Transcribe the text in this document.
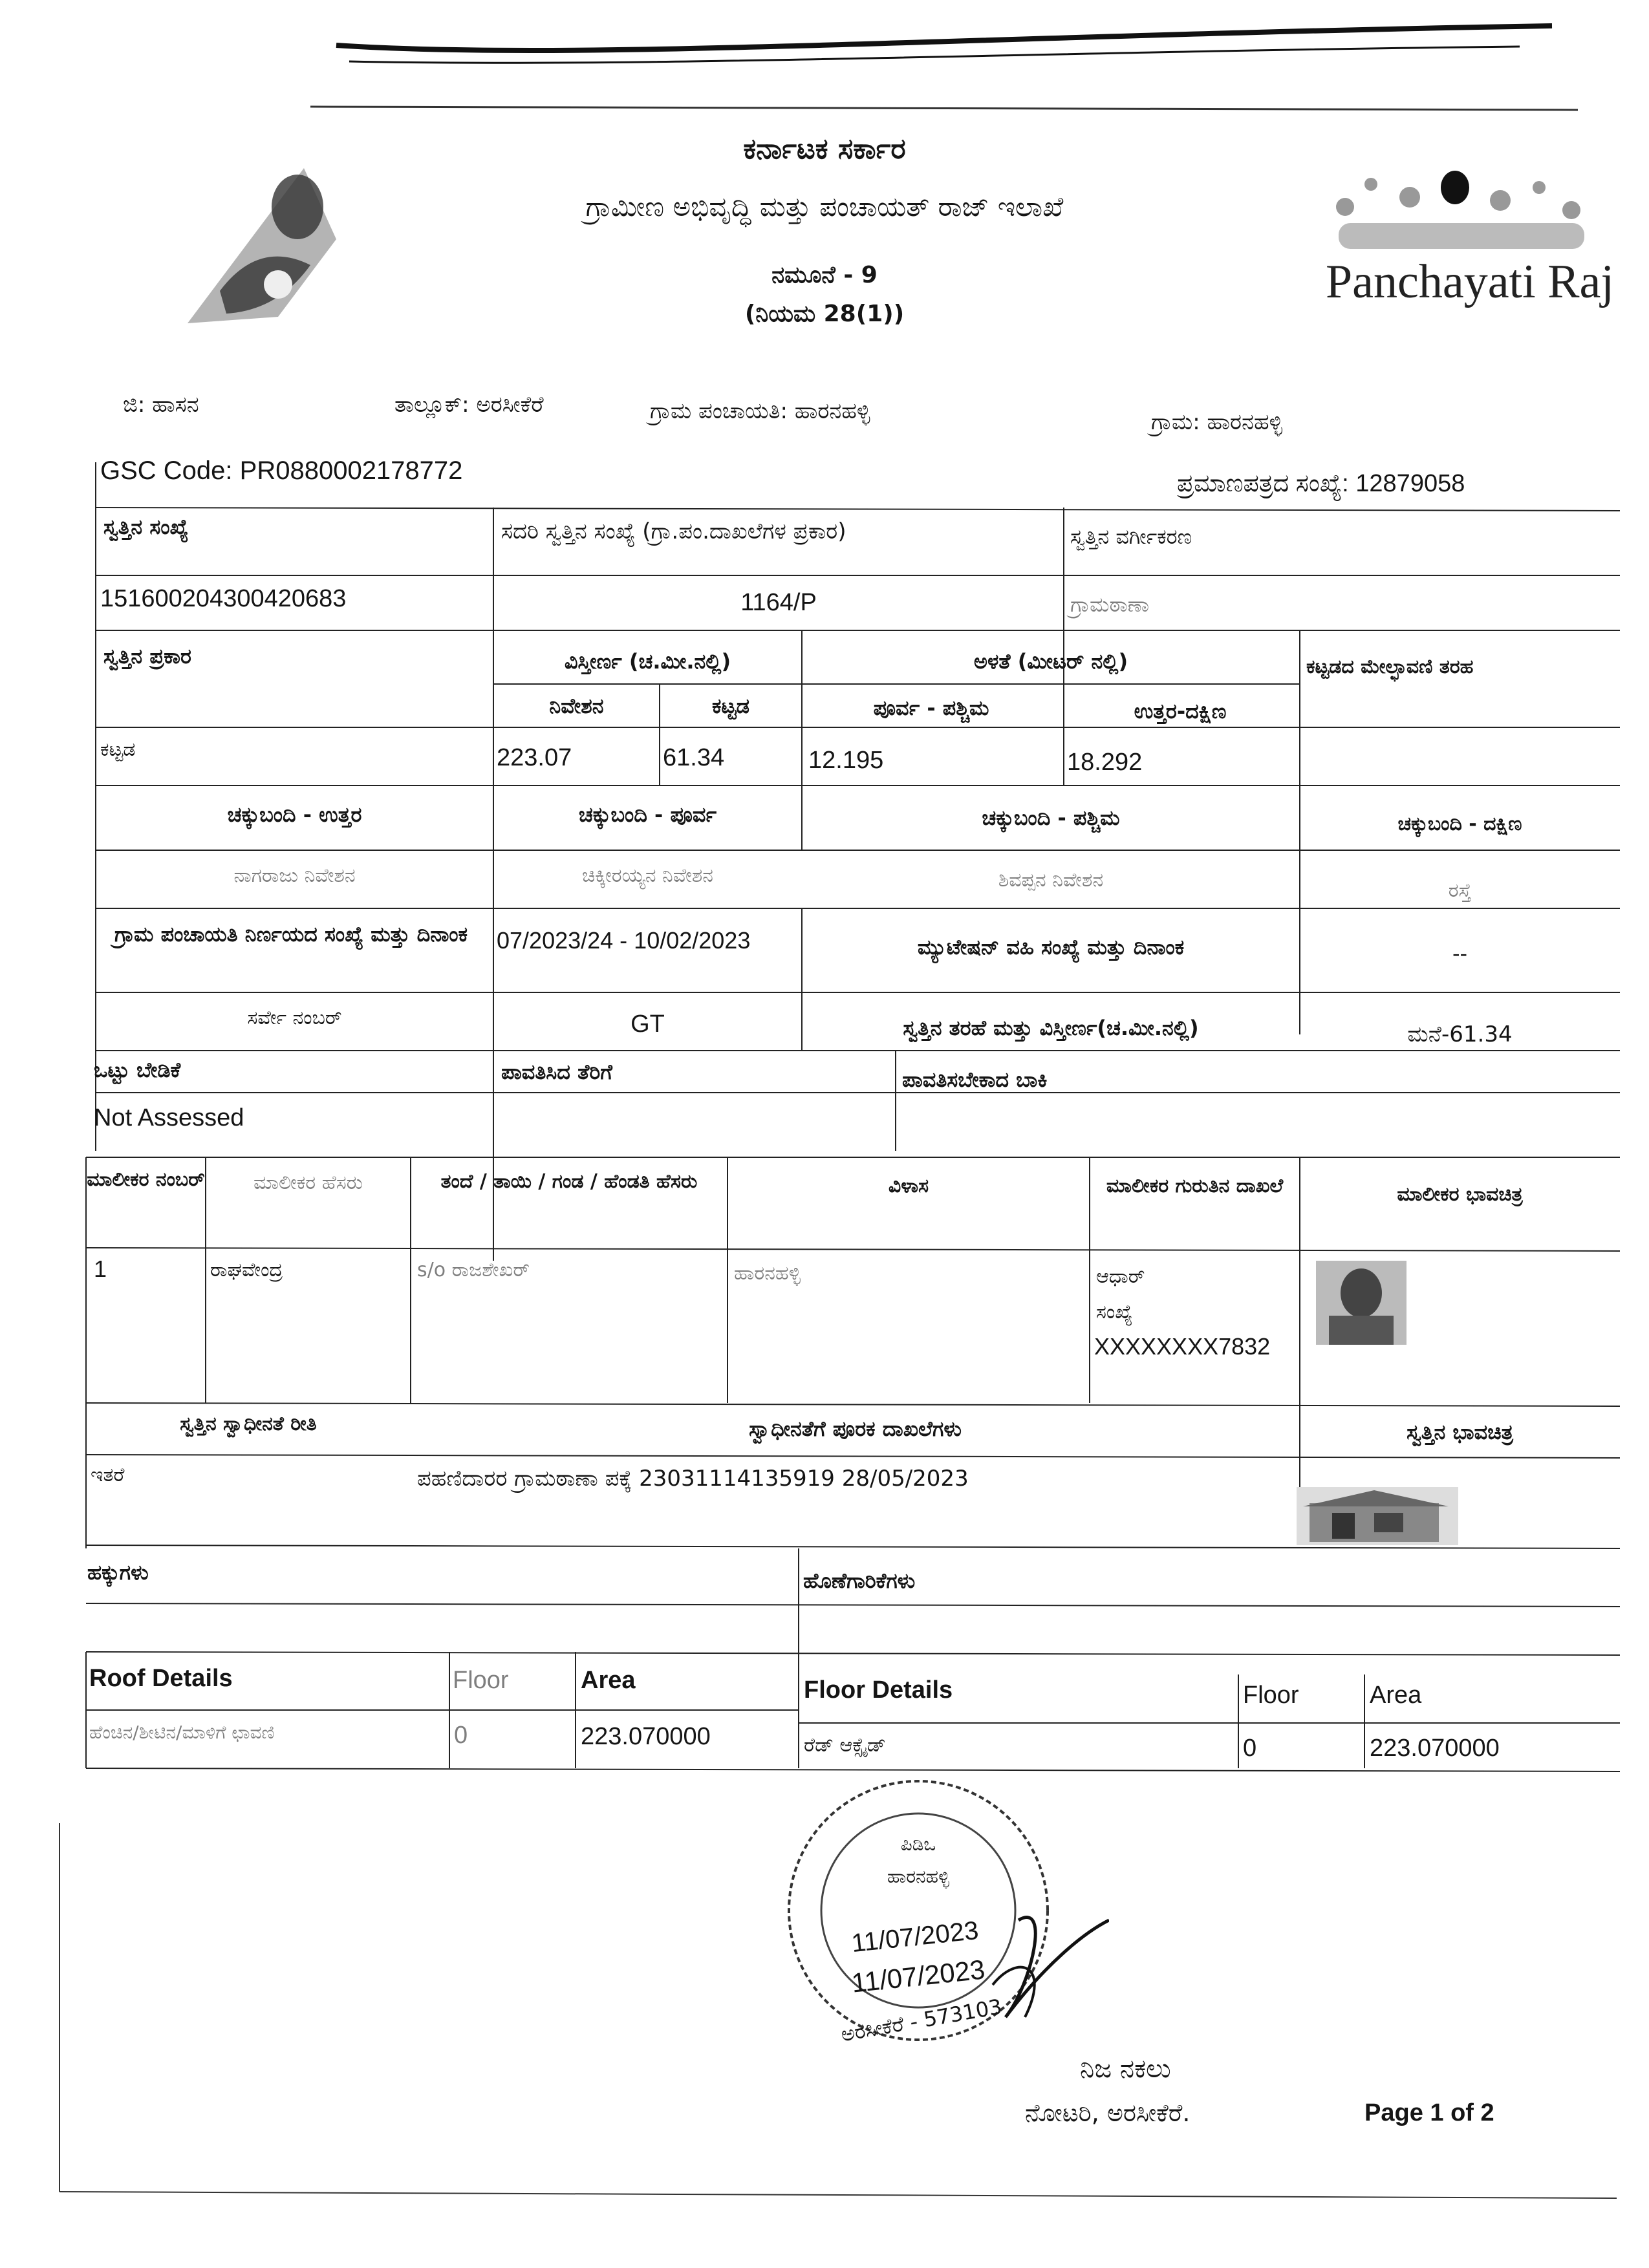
Panchayati Raj
ಕರ್ನಾಟಕ ಸರ್ಕಾರ
ಗ್ರಾಮೀಣ ಅಭಿವೃದ್ಧಿ ಮತ್ತು ಪಂಚಾಯತ್ ರಾಜ್ ಇಲಾಖೆ
ನಮೂನೆ - 9
(ನಿಯಮ 28(1))
ಜಿ: ಹಾಸನ	ತಾಲ್ಲೂಕ್: ಅರಸೀಕೆರೆ	ಗ್ರಾಮ ಪಂಚಾಯತಿ: ಹಾರನಹಳ್ಳಿ	ಗ್ರಾಮ: ಹಾರನಹಳ್ಳಿ
GSC Code: PR0880002178772	ಪ್ರಮಾಣಪತ್ರದ ಸಂಖ್ಯೆ: 12879058
ಸ್ವತ್ತಿನ ಸಂಖ್ಯೆ	ಸದರಿ ಸ್ವತ್ತಿನ ಸಂಖ್ಯೆ (ಗ್ರಾ.ಪಂ.ದಾಖಲೆಗಳ ಪ್ರಕಾರ)	ಸ್ವತ್ತಿನ ವರ್ಗೀಕರಣ
151600204300420683	1164/P	ಗ್ರಾಮಠಾಣಾ
ಸ್ವತ್ತಿನ ಪ್ರಕಾರ	ವಿಸ್ತೀರ್ಣ (ಚ.ಮೀ.ನಲ್ಲಿ)	ಅಳತೆ (ಮೀಟರ್ ನಲ್ಲಿ)	ಕಟ್ಟಡದ ಮೇಲ್ಛಾವಣಿ ತರಹ
ನಿವೇಶನ	ಕಟ್ಟಡ	ಪೂರ್ವ - ಪಶ್ಚಿಮ	ಉತ್ತರ-ದಕ್ಷಿಣ
ಕಟ್ಟಡ	223.07	61.34	12.195	18.292
ಚಕ್ಕುಬಂದಿ - ಉತ್ತರ	ಚಕ್ಕುಬಂದಿ - ಪೂರ್ವ	ಚಕ್ಕುಬಂದಿ - ಪಶ್ಚಿಮ	ಚಕ್ಕುಬಂದಿ - ದಕ್ಷಿಣ
ನಾಗರಾಜು ನಿವೇಶನ	ಚಿಕ್ಕೀರಯ್ಯನ ನಿವೇಶನ	ಶಿವಪ್ಪನ ನಿವೇಶನ	ರಸ್ತೆ
ಗ್ರಾಮ ಪಂಚಾಯತಿ ನಿರ್ಣಯದ ಸಂಖ್ಯೆ ಮತ್ತು ದಿನಾಂಕ	07/2023/24 - 10/02/2023	ಮ್ಯುಟೇಷನ್ ವಹಿ ಸಂಖ್ಯೆ ಮತ್ತು ದಿನಾಂಕ	--
ಸರ್ವೇ ನಂಬರ್	GT	ಸ್ವತ್ತಿನ ತರಹೆ ಮತ್ತು ವಿಸ್ತೀರ್ಣ(ಚ.ಮೀ.ನಲ್ಲಿ)	ಮನೆ-61.34
ಒಟ್ಟು ಬೇಡಿಕೆ	ಪಾವತಿಸಿದ ತೆರಿಗೆ	ಪಾವತಿಸಬೇಕಾದ ಬಾಕಿ
Not Assessed
ಮಾಲೀಕರ ನಂಬರ್	ಮಾಲೀಕರ ಹೆಸರು	ತಂದೆ / ತಾಯಿ / ಗಂಡ / ಹೆಂಡತಿ ಹೆಸರು	ವಿಳಾಸ	ಮಾಲೀಕರ ಗುರುತಿನ ದಾಖಲೆ	ಮಾಲೀಕರ ಭಾವಚಿತ್ರ
1	ರಾಘವೇಂದ್ರ	s/o ರಾಜಶೇಖರ್	ಹಾರನಹಳ್ಳಿ	ಆಧಾರ್
ಸಂಖ್ಯೆ
XXXXXXXX7832
ಸ್ವತ್ತಿನ ಸ್ವಾಧೀನತೆ ರೀತಿ	ಸ್ವಾಧೀನತೆಗೆ ಪೂರಕ ದಾಖಲೆಗಳು	ಸ್ವತ್ತಿನ ಭಾವಚಿತ್ರ
ಇತರೆ	ಪಹಣಿದಾರರ ಗ್ರಾಮಠಾಣಾ ಪಕ್ಕೆ 23031114135919 28/05/2023
ಹಕ್ಕುಗಳು	ಹೊಣೆಗಾರಿಕೆಗಳು
Roof Details	Floor	Area
ಹೆಂಚಿನ/ಶೀಟಿನ/ಮಾಳಿಗೆ ಛಾವಣಿ	0	223.070000
Floor Details	Floor	Area
ರೆಡ್ ಆಕ್ಸೈಡ್	0	223.070000
ಪಿಡಿಒ
ಹಾರನಹಳ್ಳಿ
11/07/2023
11/07/2023
ಅರಸೀಕೆರೆ - 573103
ನಿಜ ನಕಲು
ನೋಟರಿ, ಅರಸೀಕೆರೆ.	Page 1 of 2
